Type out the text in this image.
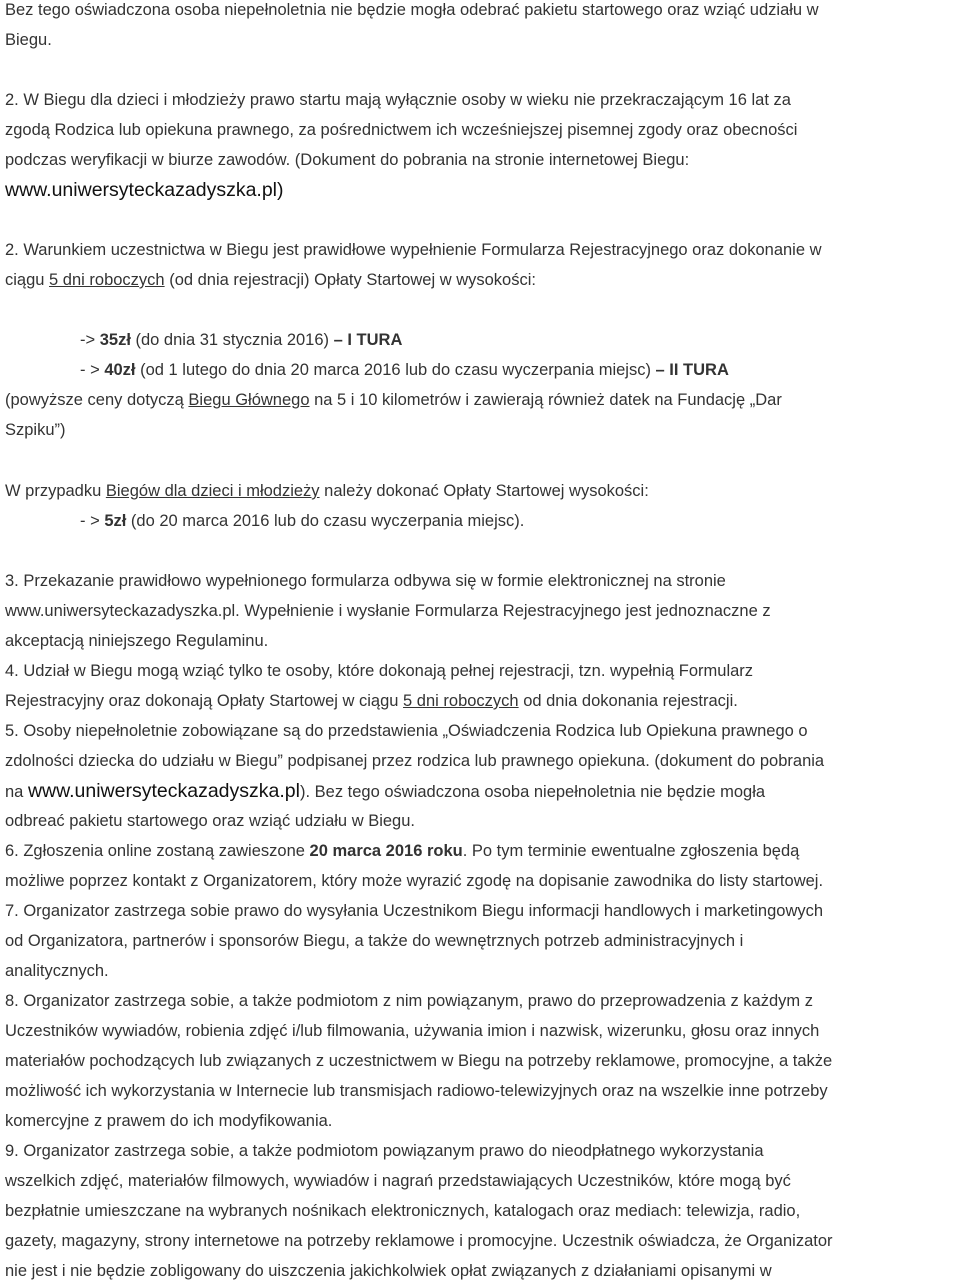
Bez tego oświadczona osoba niepełnoletnia nie będzie mogła odebrać pakietu startowego oraz wziąć udziału w
Biegu.
2. W Biegu dla dzieci i młodzieży prawo startu mają wyłącznie osoby w wieku nie przekraczającym 16 lat za
zgodą Rodzica lub opiekuna prawnego, za pośrednictwem ich wcześniejszej pisemnej zgody oraz obecności
podczas weryfikacji w biurze zawodów. (Dokument do pobrania na stronie internetowej Biegu:
www.uniwersyteckazadyszka.pl)
2. Warunkiem uczestnictwa w Biegu jest prawidłowe wypełnienie Formularza Rejestracyjnego oraz dokonanie w
ciągu 5 dni roboczych (od dnia rejestracji) Opłaty Startowej w wysokości:
-> 35zł (do dnia 31 stycznia 2016) – I TURA
- > 40zł (od 1 lutego do dnia 20 marca 2016 lub do czasu wyczerpania miejsc) – II TURA
(powyższe ceny dotyczą Biegu Głównego na 5 i 10 kilometrów i zawierają również datek na Fundację „Dar
Szpiku”)
W przypadku Biegów dla dzieci i młodzieży należy dokonać Opłaty Startowej wysokości:
- > 5zł (do 20 marca 2016 lub do czasu wyczerpania miejsc).
3. Przekazanie prawidłowo wypełnionego formularza odbywa się w formie elektronicznej na stronie
www.uniwersyteckazadyszka.pl. Wypełnienie i wysłanie Formularza Rejestracyjnego jest jednoznaczne z
akceptacją niniejszego Regulaminu.
4. Udział w Biegu mogą wziąć tylko te osoby, które dokonają pełnej rejestracji, tzn. wypełnią Formularz
Rejestracyjny oraz dokonają Opłaty Startowej w ciągu 5 dni roboczych od dnia dokonania rejestracji.
5. Osoby niepełnoletnie zobowiązane są do przedstawienia „Oświadczenia Rodzica lub Opiekuna prawnego o
zdolności dziecka do udziału w Biegu” podpisanej przez rodzica lub prawnego opiekuna. (dokument do pobrania
na www.uniwersyteckazadyszka.pl). Bez tego oświadczona osoba niepełnoletnia nie będzie mogła
odbreać pakietu startowego oraz wziąć udziału w Biegu.
6. Zgłoszenia online zostaną zawieszone 20 marca 2016 roku. Po tym terminie ewentualne zgłoszenia będą
możliwe poprzez kontakt z Organizatorem, który może wyrazić zgodę na dopisanie zawodnika do listy startowej.
7. Organizator zastrzega sobie prawo do wysyłania Uczestnikom Biegu informacji handlowych i marketingowych
od Organizatora, partnerów i sponsorów Biegu, a także do wewnętrznych potrzeb administracyjnych i
analitycznych.
8. Organizator zastrzega sobie, a także podmiotom z nim powiązanym, prawo do przeprowadzenia z każdym z
Uczestników wywiadów, robienia zdjęć i/lub filmowania, używania imion i nazwisk, wizerunku, głosu oraz innych
materiałów pochodzących lub związanych z uczestnictwem w Biegu na potrzeby reklamowe, promocyjne, a także
możliwość ich wykorzystania w Internecie lub transmisjach radiowo-telewizyjnych oraz na wszelkie inne potrzeby
komercyjne z prawem do ich modyfikowania.
9. Organizator zastrzega sobie, a także podmiotom powiązanym prawo do nieodpłatnego wykorzystania
wszelkich zdjęć, materiałów filmowych, wywiadów i nagrań przedstawiających Uczestników, które mogą być
bezpłatnie umieszczane na wybranych nośnikach elektronicznych, katalogach oraz mediach: telewizja, radio,
gazety, magazyny, strony internetowe na potrzeby reklamowe i promocyjne. Uczestnik oświadcza, że Organizator
nie jest i nie będzie zobligowany do uiszczenia jakichkolwiek opłat związanych z działaniami opisanymi w
